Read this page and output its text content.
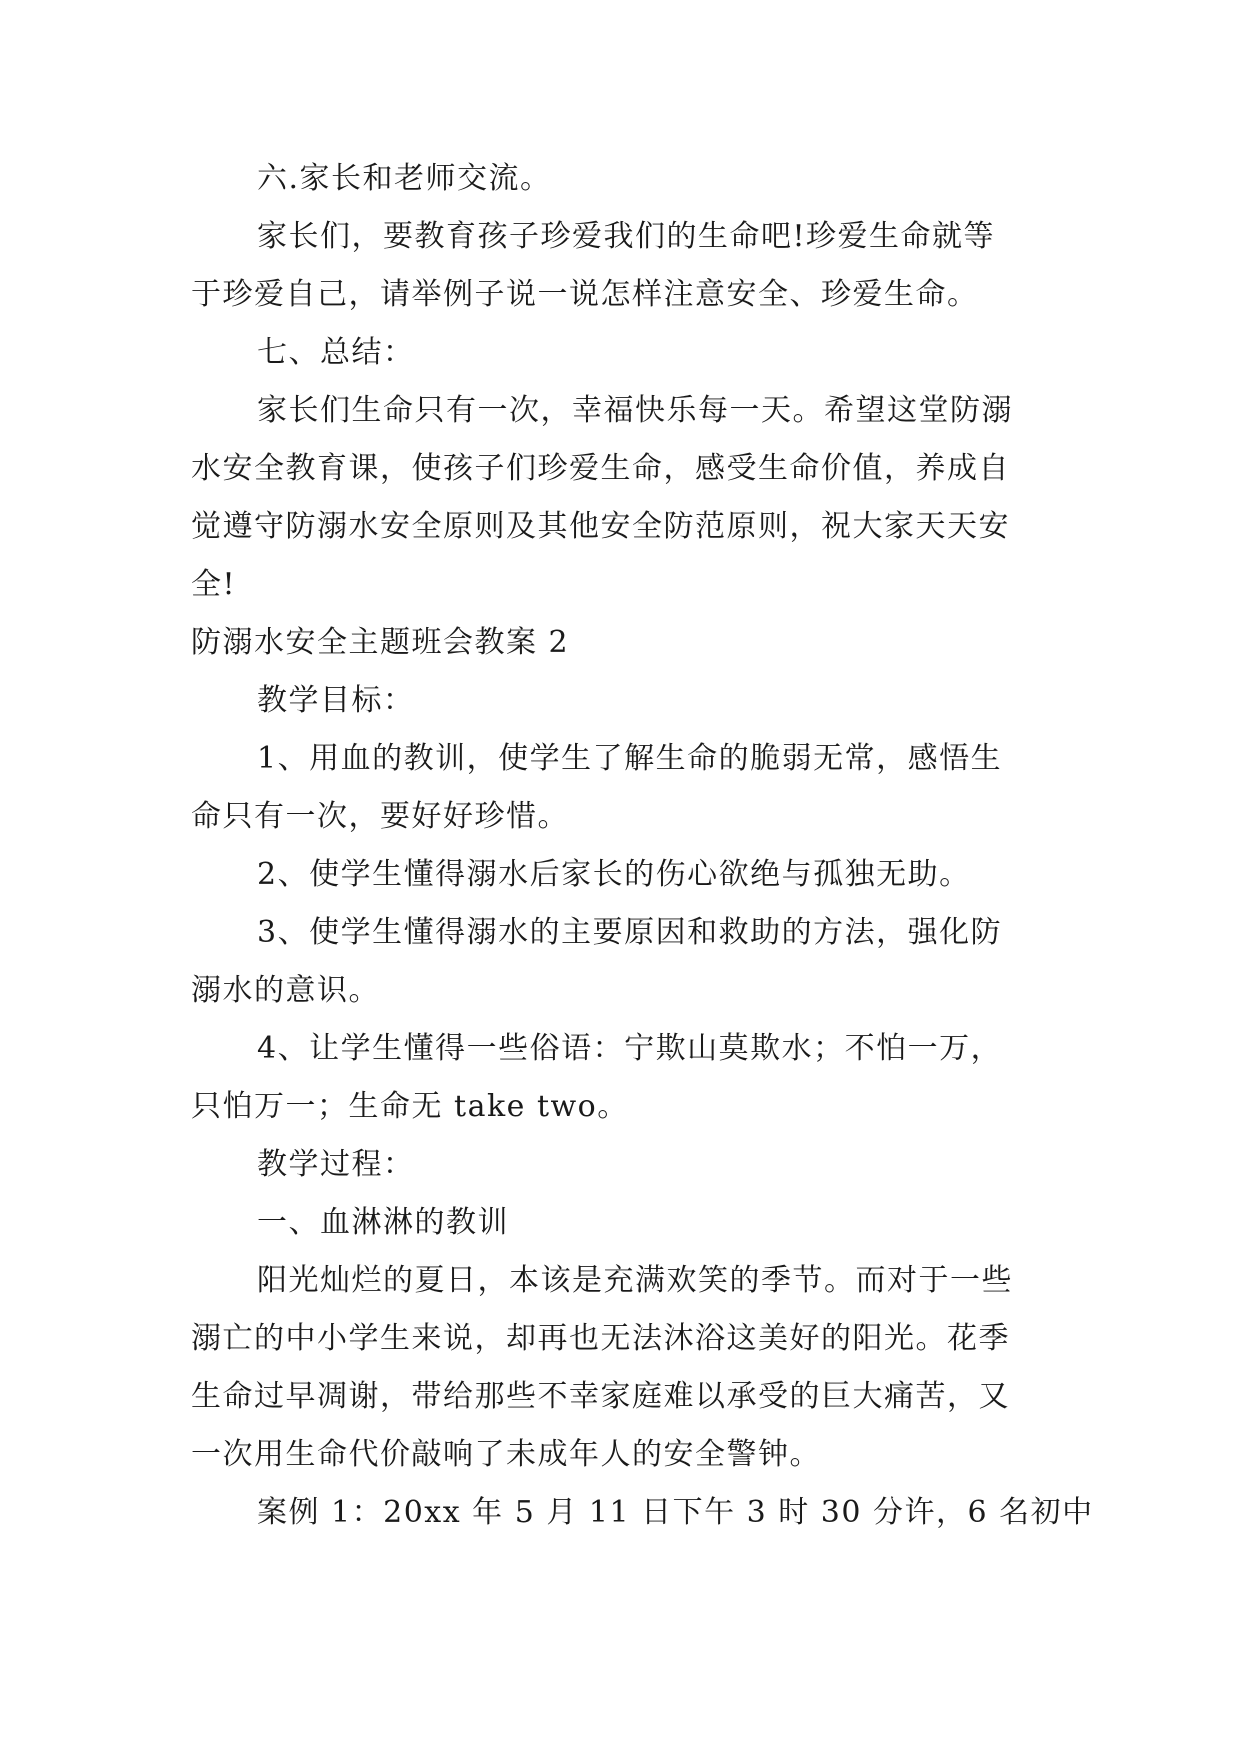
六.家长和老师交流。
家长们，要教育孩子珍爱我们的生命吧!珍爱生命就等
于珍爱自己，请举例子说一说怎样注意安全、珍爱生命。
七、总结：
家长们生命只有一次，幸福快乐每一天。希望这堂防溺
水安全教育课，使孩子们珍爱生命，感受生命价值，养成自
觉遵守防溺水安全原则及其他安全防范原则，祝大家天天安
全!
防溺水安全主题班会教案 2
教学目标：
1、用血的教训，使学生了解生命的脆弱无常，感悟生
命只有一次，要好好珍惜。
2、使学生懂得溺水后家长的伤心欲绝与孤独无助。
3、使学生懂得溺水的主要原因和救助的方法，强化防
溺水的意识。
4、让学生懂得一些俗语：宁欺山莫欺水；不怕一万，
只怕万一；生命无 take two。
教学过程：
一、血淋淋的教训
阳光灿烂的夏日，本该是充满欢笑的季节。而对于一些
溺亡的中小学生来说，却再也无法沐浴这美好的阳光。花季
生命过早凋谢，带给那些不幸家庭难以承受的巨大痛苦，又
一次用生命代价敲响了未成年人的安全警钟。
案例 1：20xx 年 5 月 11 日下午 3 时 30 分许，6 名初中
